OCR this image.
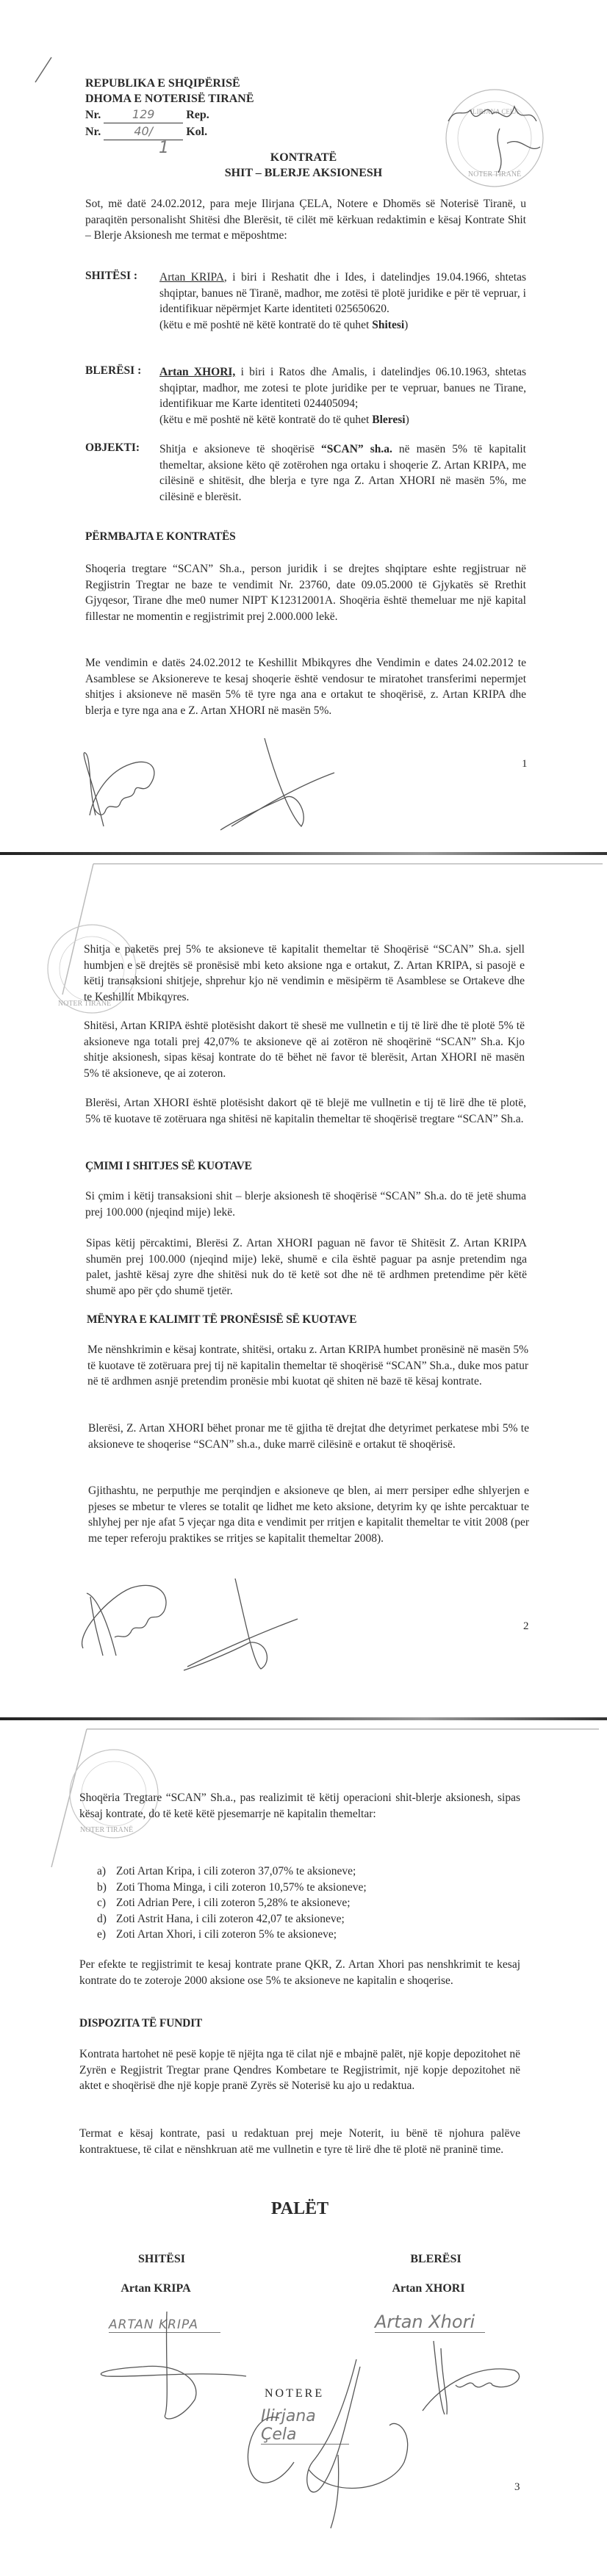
REPUBLIKA E SHQIPËRISË
DHOMA E NOTERISË TIRANË
Nr.	129	Rep.
Nr.	40/	Kol.
1
ILIRJANA ÇELA
NOTER TIRANË
KONTRATË
SHIT – BLERJE AKSIONESH
Sot, më datë 24.02.2012, para meje Ilirjana ÇELA, Notere e Dhomës së Noterisë Tiranë, u paraqitën personalisht Shitësi dhe Blerësit, të cilët më kërkuan redaktimin e kësaj Kontrate Shit – Blerje Aksionesh me termat e mëposhtme:
SHITËSI : Artan KRIPA, i biri i Reshatit dhe i Ides, i datelindjes 19.04.1966, shtetas shqiptar, banues në Tiranë, madhor, me zotësi të plotë juridike e për të vepruar, i identifikuar nëpërmjet Karte identiteti 025650620.
(këtu e më poshtë në këtë kontratë do të quhet Shitesi)
BLERËSI : Artan XHORI, i biri i Ratos dhe Amalis, i datelindjes 06.10.1963, shtetas shqiptar, madhor, me zotesi te plote juridike per te vepruar, banues ne Tirane, identifikuar me Karte identiteti 024405094;
(këtu e më poshtë në këtë kontratë do të quhet Bleresi)
OBJEKTI: Shitja e aksioneve të shoqërisë “SCAN” sh.a. në masën 5% të kapitalit themeltar, aksione këto që zotërohen nga ortaku i shoqerie Z. Artan KRIPA, me cilësinë e shitësit, dhe blerja e tyre nga Z. Artan XHORI në masën 5%, me cilësinë e blerësit.
PËRMBAJTA E KONTRATËS
Shoqeria tregtare “SCAN” Sh.a., person juridik i se drejtes shqiptare eshte regjistruar në Regjistrin Tregtar ne baze te vendimit Nr. 23760, date 09.05.2000 të Gjykatës së Rrethit Gjyqesor, Tirane dhe me0 numer NIPT K12312001A. Shoqëria është themeluar me një kapital fillestar ne momentin e regjistrimit prej 2.000.000 lekë.
Me vendimin e datës 24.02.2012 te Keshillit Mbikqyres dhe Vendimin e dates 24.02.2012 te Asamblese se Aksionereve te kesaj shoqerie është vendosur te miratohet transferimi nepermjet shitjes i aksioneve në masën 5% të tyre nga ana e ortakut te shoqërisë, z. Artan KRIPA dhe blerja e tyre nga ana e Z. Artan XHORI në masën 5%.
1
NOTER TIRANË
Shitja e paketës prej 5% te aksioneve të kapitalit themeltar të Shoqërisë “SCAN” Sh.a. sjell humbjen e së drejtës së pronësisë mbi keto aksione nga e ortakut, Z. Artan KRIPA, si pasojë e këtij transaksioni shitjeje, shprehur kjo në vendimin e mësipërm të Asamblese se Ortakeve dhe te Keshillit Mbikqyres.
Shitësi, Artan KRIPA është plotësisht dakort të shesë me vullnetin e tij të lirë dhe të plotë 5% të aksioneve nga totali prej 42,07% te aksioneve që ai zotëron në shoqërinë “SCAN” Sh.a. Kjo shitje aksionesh, sipas kësaj kontrate do të bëhet në favor të blerësit, Artan XHORI në masën 5% të aksioneve, qe ai zoteron.
Blerësi, Artan XHORI është plotësisht dakort që të blejë me vullnetin e tij të lirë dhe të plotë, 5% të kuotave të zotëruara nga shitësi në kapitalin themeltar të shoqërisë tregtare “SCAN” Sh.a.
ÇMIMI I SHITJES SË KUOTAVE
Si çmim i këtij transaksioni shit – blerje aksionesh të shoqërisë “SCAN” Sh.a. do të jetë shuma prej 100.000 (njeqind mije) lekë.
Sipas këtij përcaktimi, Blerësi Z. Artan XHORI paguan në favor të Shitësit Z. Artan KRIPA shumën prej 100.000 (njeqind mije) lekë, shumë e cila është paguar pa asnje pretendim nga palet, jashtë kësaj zyre dhe shitësi nuk do të ketë sot dhe në të ardhmen pretendime për këtë shumë apo për çdo shumë tjetër.
MËNYRA E KALIMIT TË PRONËSISË SË KUOTAVE
Me nënshkrimin e kësaj kontrate, shitësi, ortaku z. Artan KRIPA humbet pronësinë në masën 5% të kuotave të zotëruara prej tij në kapitalin themeltar të shoqërisë “SCAN” Sh.a., duke mos patur në të ardhmen asnjë pretendim pronësie mbi kuotat që shiten në bazë të kësaj kontrate.
Blerësi, Z. Artan XHORI bëhet pronar me të gjitha të drejtat dhe detyrimet perkatese mbi 5% te aksioneve te shoqerise “SCAN” sh.a., duke marrë cilësinë e ortakut të shoqërisë.
Gjithashtu, ne perputhje me perqindjen e aksioneve qe blen, ai merr persiper edhe shlyerjen e pjeses se mbetur te vleres se totalit qe lidhet me keto aksione, detyrim ky qe ishte percaktuar te shlyhej per nje afat 5 vjeçar nga dita e vendimit per rritjen e kapitalit themeltar te vitit 2008 (per me teper referoju praktikes se rritjes se kapitalit themeltar 2008).
2
NOTER TIRANË
Shoqëria Tregtare “SCAN” Sh.a., pas realizimit të këtij operacioni shit-blerje aksionesh, sipas kësaj kontrate, do të ketë këtë pjesemarrje në kapitalin themeltar:
a) Zoti Artan Kripa, i cili zoteron 37,07% te aksioneve;
b) Zoti Thoma Minga, i cili zoteron 10,57% te aksioneve;
c) Zoti Adrian Pere, i cili zoteron 5,28% te aksioneve;
d) Zoti Astrit Hana, i cili zoteron 42,07 te aksioneve;
e) Zoti Artan Xhori, i cili zoteron 5% te aksioneve;
Per efekte te regjistrimit te kesaj kontrate prane QKR, Z. Artan Xhori pas nenshkrimit te kesaj kontrate do te zoteroje 2000 aksione ose 5% te aksioneve ne kapitalin e shoqerise.
DISPOZITA TË FUNDIT
Kontrata hartohet në pesë kopje të njëjta nga të cilat një e mbajnë palët, një kopje depozitohet në Zyrën e Regjistrit Tregtar prane Qendres Kombetare te Regjistrimit, një kopje depozitohet në aktet e shoqërisë dhe një kopje pranë Zyrës së Noterisë ku ajo u redaktua.
Termat e kësaj kontrate, pasi u redaktuan prej meje Noterit, iu bënë të njohura palëve kontraktuese, të cilat e nënshkruan atë me vullnetin e tyre të lirë dhe të plotë në praninë time.
PALËT
SHITËSI
Artan KRIPA
BLERËSI
Artan XHORI
ARTAN KRIPA	Artan Xhori
NOTERE
Ilirjana Çela
3
